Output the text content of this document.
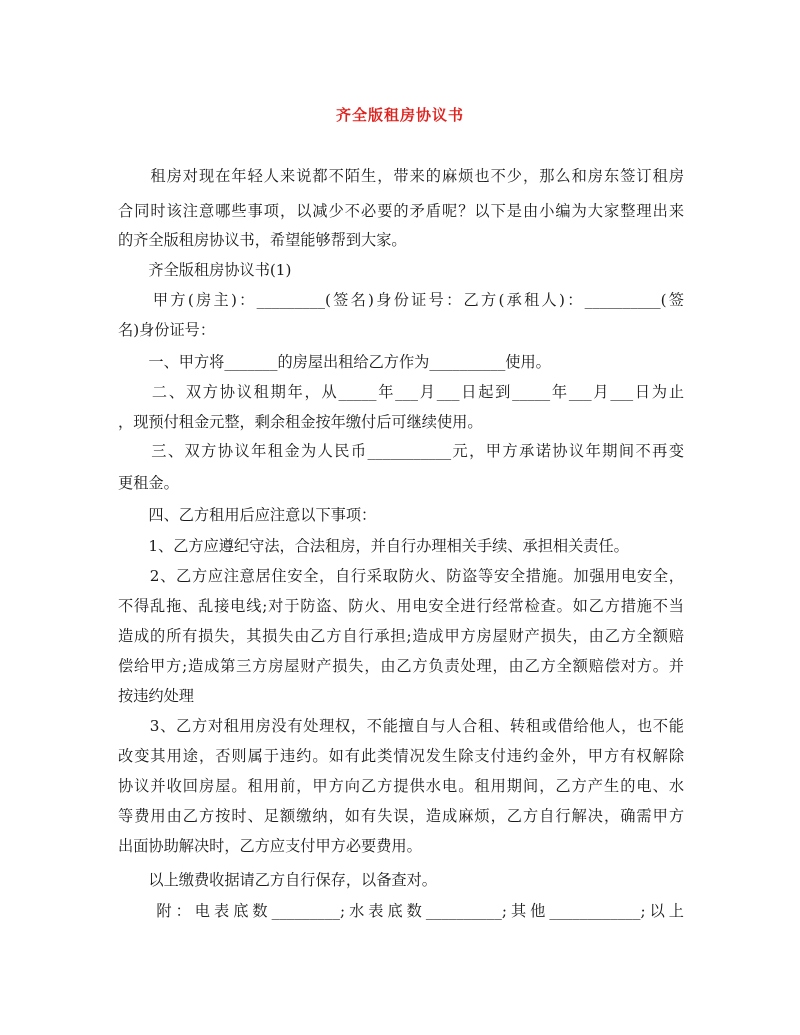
齐全版租房协议书
　　租房对现在年轻人来说都不陌生，带来的麻烦也不少，那么和房东签订租房
合同时该注意哪些事项，以减少不必要的矛盾呢？以下是由小编为大家整理出来
的齐全版租房协议书，希望能够帮到大家。
　　齐全版租房协议书(1)
　　甲方(房主)：_________(签名)身份证号：乙方(承租人)：__________(签
名)身份证号：
　　一、甲方将_______的房屋出租给乙方作为__________使用。
　　二、双方协议租期年，从_____年___月___日起到_____年___月___日为止
，现预付租金元整，剩余租金按年缴付后可继续使用。
　　三、双方协议年租金为人民币___________元，甲方承诺协议年期间不再变
更租金。
　　四、乙方租用后应注意以下事项：
　　1、乙方应遵纪守法，合法租房，并自行办理相关手续、承担相关责任。
　　2、乙方应注意居住安全，自行采取防火、防盗等安全措施。加强用电安全，
不得乱拖、乱接电线;对于防盗、防火、用电安全进行经常检查。如乙方措施不当
造成的所有损失，其损失由乙方自行承担;造成甲方房屋财产损失，由乙方全额赔
偿给甲方;造成第三方房屋财产损失，由乙方负责处理，由乙方全额赔偿对方。并
按违约处理
　　3、乙方对租用房没有处理权，不能擅自与人合租、转租或借给他人，也不能
改变其用途，否则属于违约。如有此类情况发生除支付违约金外，甲方有权解除
协议并收回房屋。租用前，甲方向乙方提供水电。租用期间，乙方产生的电、水
等费用由乙方按时、足额缴纳，如有失误，造成麻烦，乙方自行解决，确需甲方
出面协助解决时，乙方应支付甲方必要费用。
　　以上缴费收据请乙方自行保存，以备查对。
　　附：电表底数_________;水表底数__________;其他____________;以上
